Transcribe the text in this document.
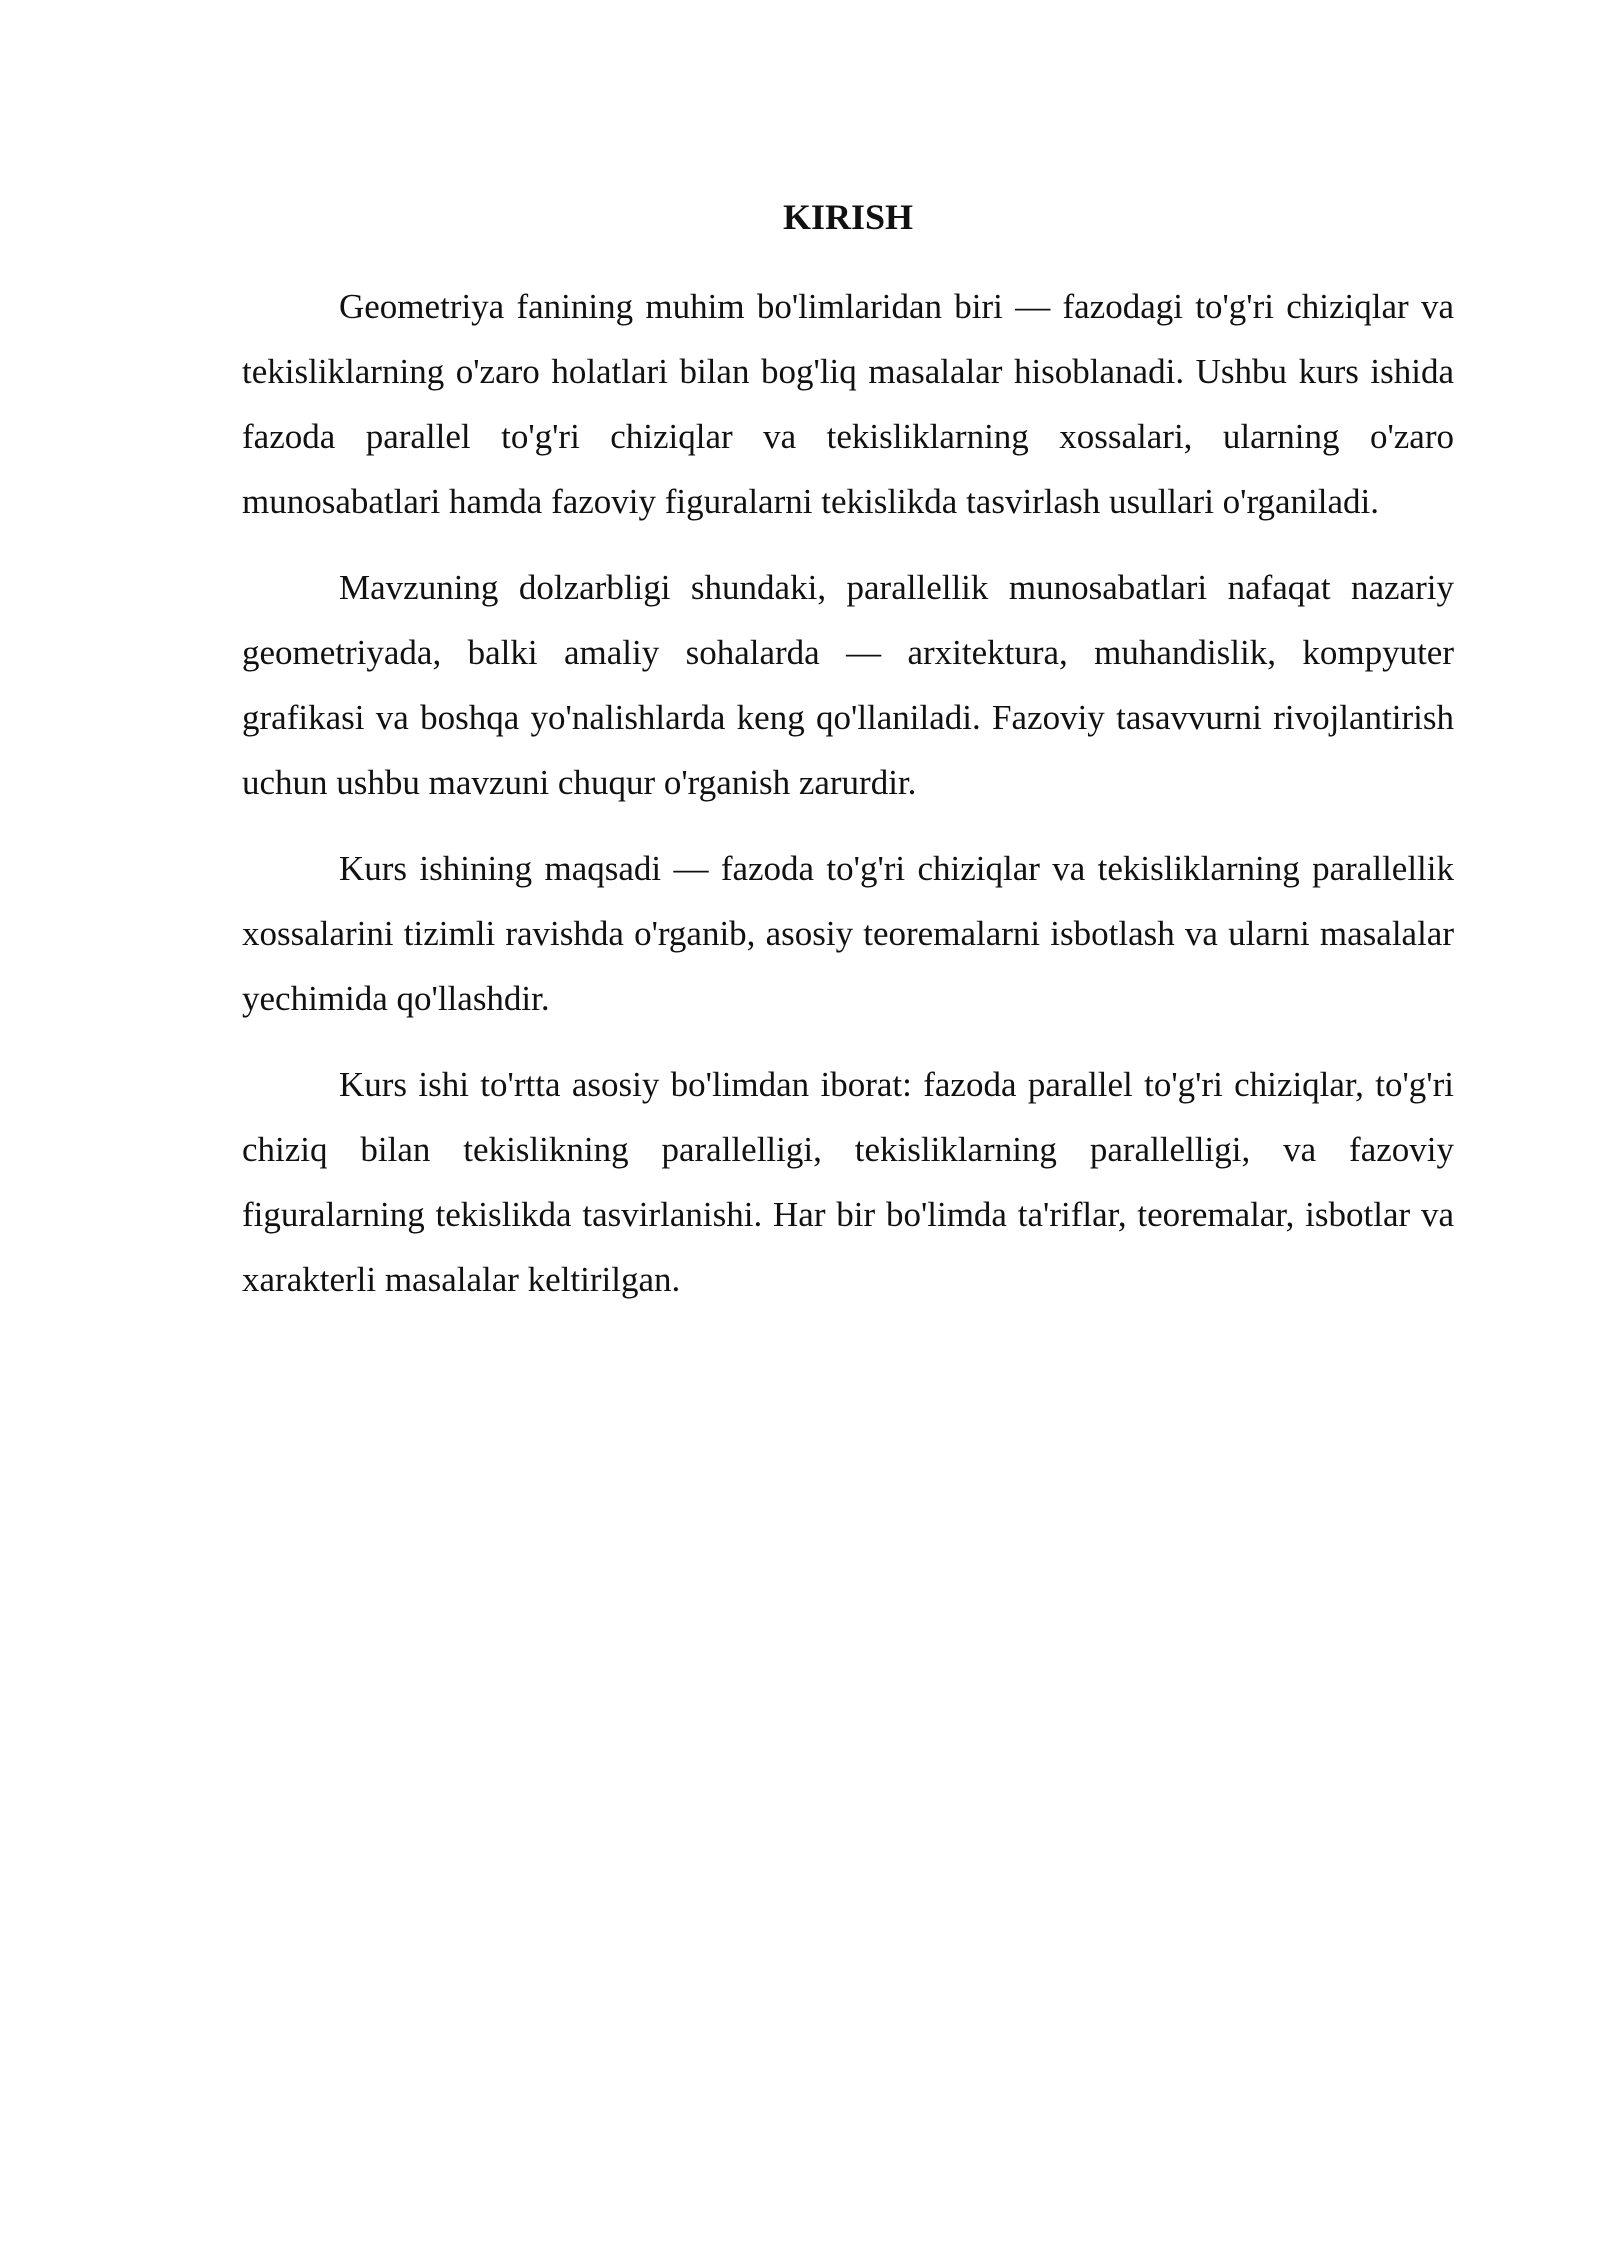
KIRISH

Geometriya fanining muhim bo'limlaridan biri — fazodagi to'g'ri chiziqlar va tekisliklarning o'zaro holatlari bilan bog'liq masalalar hisoblanadi. Ushbu kurs ishida fazoda parallel to'g'ri chiziqlar va tekisliklarning xossalari, ularning o'zaro munosabatlari hamda fazoviy figuralarni tekislikda tasvirlash usullari o'rganiladi.

Mavzuning dolzarbligi shundaki, parallellik munosabatlari nafaqat nazariy geometriyada, balki amaliy sohalarda — arxitektura, muhandislik, kompyuter grafikasi va boshqa yo'nalishlarda keng qo'llaniladi. Fazoviy tasavvurni rivojlantirish uchun ushbu mavzuni chuqur o'rganish zarurdir.

Kurs ishining maqsadi — fazoda to'g'ri chiziqlar va tekisliklarning parallellik xossalarini tizimli ravishda o'rganib, asosiy teoremalarni isbotlash va ularni masalalar yechimida qo'llashdir.

Kurs ishi to'rtta asosiy bo'limdan iborat: fazoda parallel to'g'ri chiziqlar, to'g'ri chiziq bilan tekislikning parallelligi, tekisliklarning parallelligi, va fazoviy figuralarning tekislikda tasvirlanishi. Har bir bo'limda ta'riflar, teoremalar, isbotlar va xarakterli masalalar keltirilgan.
